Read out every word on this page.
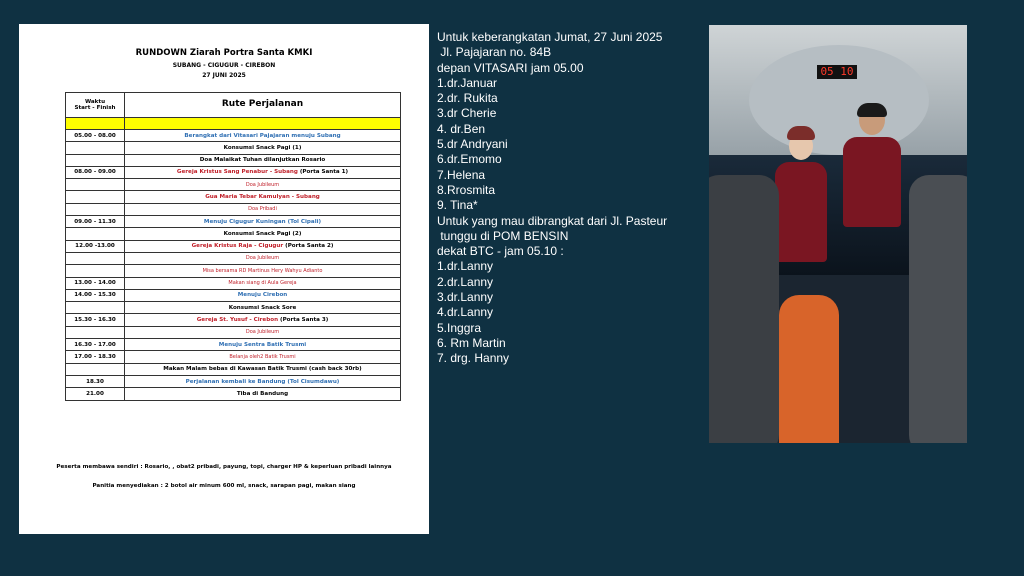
RUNDOWN Ziarah Portra Santa KMKI
SUBANG - CIGUGUR - CIREBON
27 JUNI 2025
Waktu
Start - Finish	Rute Perjalanan

05.00 - 08.00	Berangkat dari Vitasari Pajajaran menuju Subang
	Konsumsi Snack Pagi (1)
	Doa Malaikat Tuhan dilanjutkan Rosario
08.00 - 09.00	Gereja Kristus Sang Penabur - Subang (Porta Santa 1)
	Doa Jubileum
	Gua Maria Tebar Kamulyan - Subang
	Doa Pribadi
09.00 - 11.30	Menuju Cigugur Kuningan (Tol Cipali)
	Konsumsi Snack Pagi (2)
12.00 -13.00	Gereja Kristus Raja - Cigugur (Porta Santa 2)
	Doa Jubileum
	Misa bersama RD Martinus Hery Wahyu Adianto
13.00 - 14.00	Makan siang di Aula Gereja
14.00 - 15.30	Menuju Cirebon
	Konsumsi Snack Sore
15.30 - 16.30	Gereja St. Yusuf - Cirebon (Porta Santa 3)
	Doa Jubileum
16.30 - 17.00	Menuju Sentra Batik Trusmi
17.00 - 18.30	Belanja oleh2 Batik Trusmi
	Makan Malam bebas di Kawasan Batik Trusmi (cash back 30rb)
18.30	Perjalanan kembali ke Bandung (Tol Cisumdawu)
21.00	Tiba di Bandung
Peserta membawa sendiri : Rosario, , obat2 pribadi, payung, topi, charger HP & keperluan pribadi lainnya
Panitia menyediakan : 2 botol air minum 600 ml, snack, sarapan pagi, makan siang
Untuk keberangkatan Jumat, 27 Juni 2025
Jl. Pajajaran no. 84B
depan VITASARI jam 05.00
1.dr.Januar
2.dr. Rukita
3.dr Cherie
4. dr.Ben
5.dr Andryani
6.dr.Emomo
7.Helena
8.Rrosmita
9. Tina*
Untuk yang mau dibrangkat dari Jl. Pasteur
tunggu di POM BENSIN
dekat BTC - jam 05.10 :
1.dr.Lanny
2.dr.Lanny
3.dr.Lanny
4.dr.Lanny
5.Inggra
6. Rm Martin
7. drg. Hanny
05 10
